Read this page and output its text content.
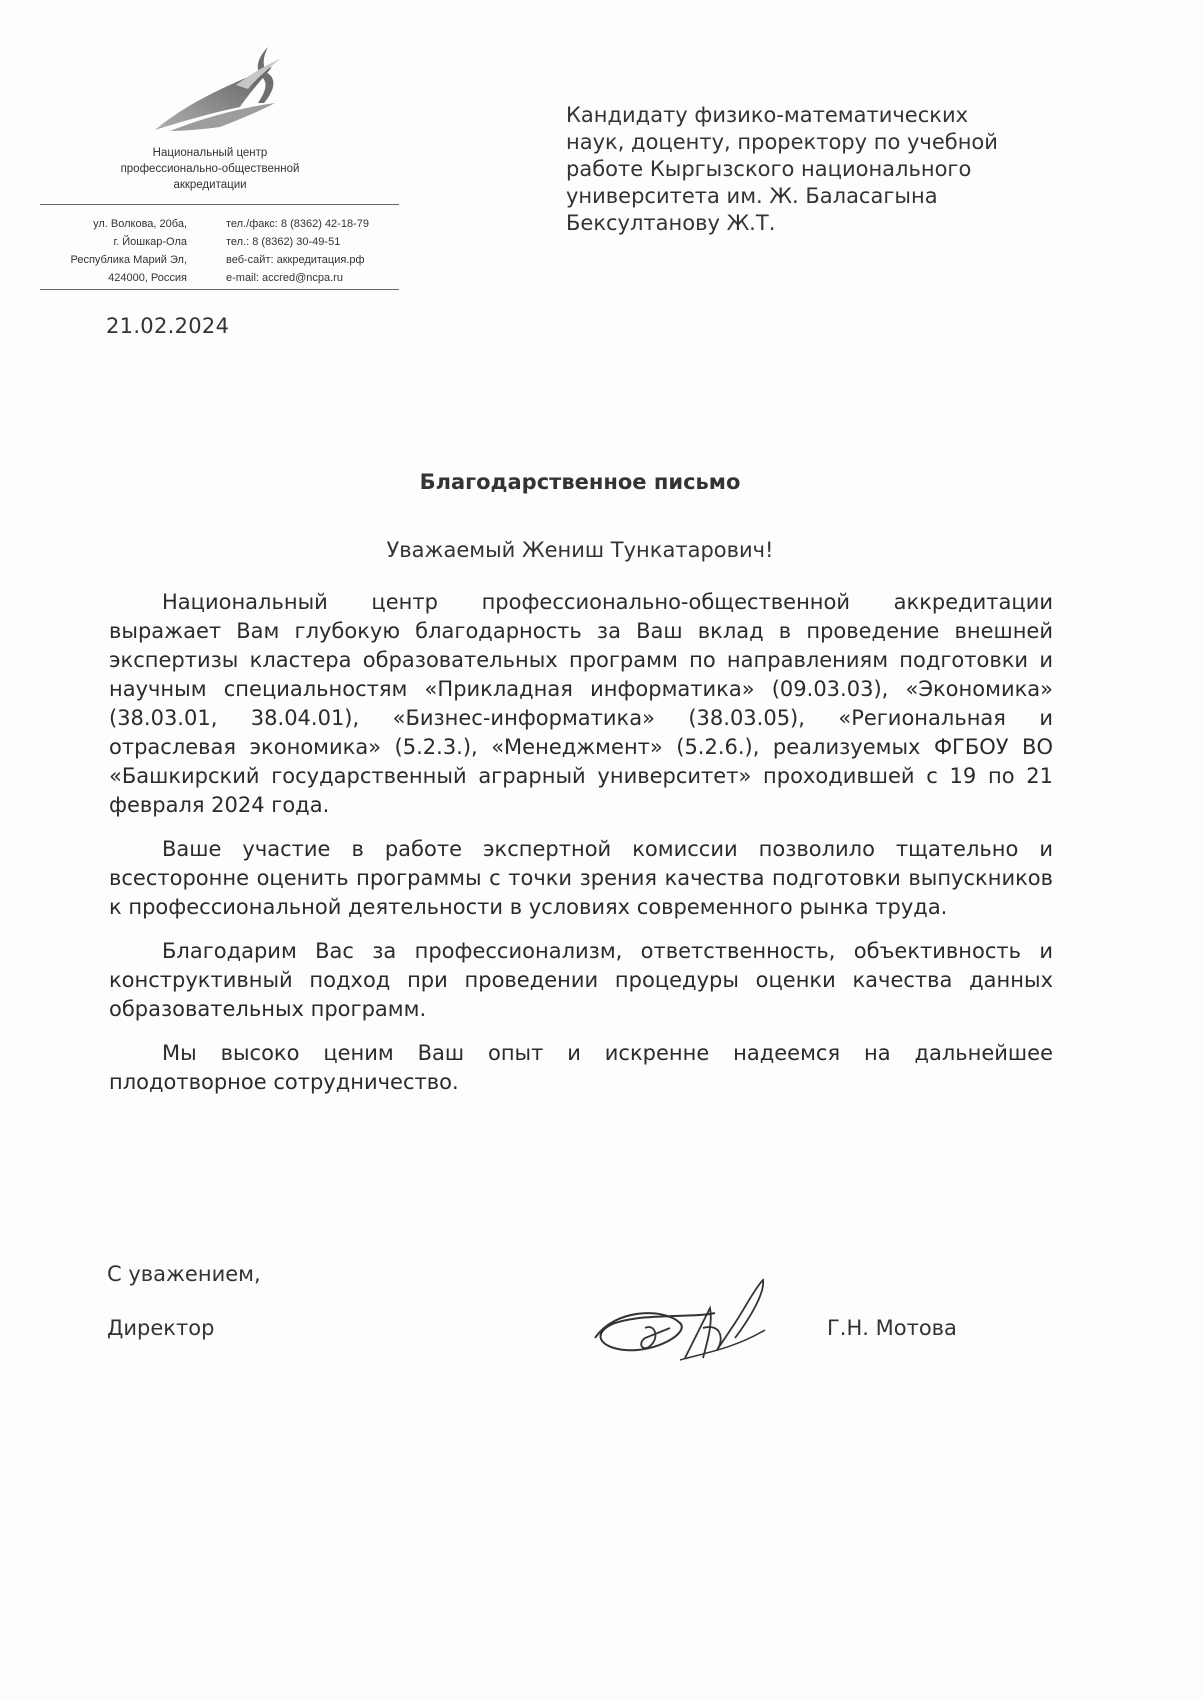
Национальный центр
профессионально-общественной
аккредитации
ул. Волкова, 20ба,
г. Йошкар-Ола
Республика Марий Эл,
424000, Россия
тел./факс: 8 (8362) 42-18-79
тел.: 8 (8362) 30-49-51
веб-сайт: аккредитация.рф
e-mail: accred@ncpa.ru
21.02.2024
Кандидату физико-математических
наук, доценту, проректору по учебной
работе Кыргызского национального
университета им. Ж. Баласагына
Бексултанову Ж.Т.
Благодарственное письмо
Уважаемый Жениш Тункатарович!

Национальный центр профессионально-общественной аккредитации выражает Вам глубокую благодарность за Ваш вклад в проведение внешней экспертизы кластера образовательных программ по направлениям подготовки и научным специальностям «Прикладная информатика» (09.03.03), «Экономика» (38.03.01, 38.04.01), «Бизнес-информатика» (38.03.05), «Региональная и отраслевая экономика» (5.2.3.), «Менеджмент» (5.2.6.), реализуемых ФГБОУ ВО «Башкирский государственный аграрный университет» проходившей с 19 по 21 февраля 2024 года.

Ваше участие в работе экспертной комиссии позволило тщательно и всесторонне оценить программы с точки зрения качества подготовки выпускников к профессиональной деятельности в условиях современного рынка труда.

Благодарим Вас за профессионализм, ответственность, объективность и конструктивный подход при проведении процедуры оценки качества данных образовательных программ.

Мы высоко ценим Ваш опыт и искренне надеемся на дальнейшее плодотворное сотрудничество.

С уважением,
Директор	Г.Н. Мотова
